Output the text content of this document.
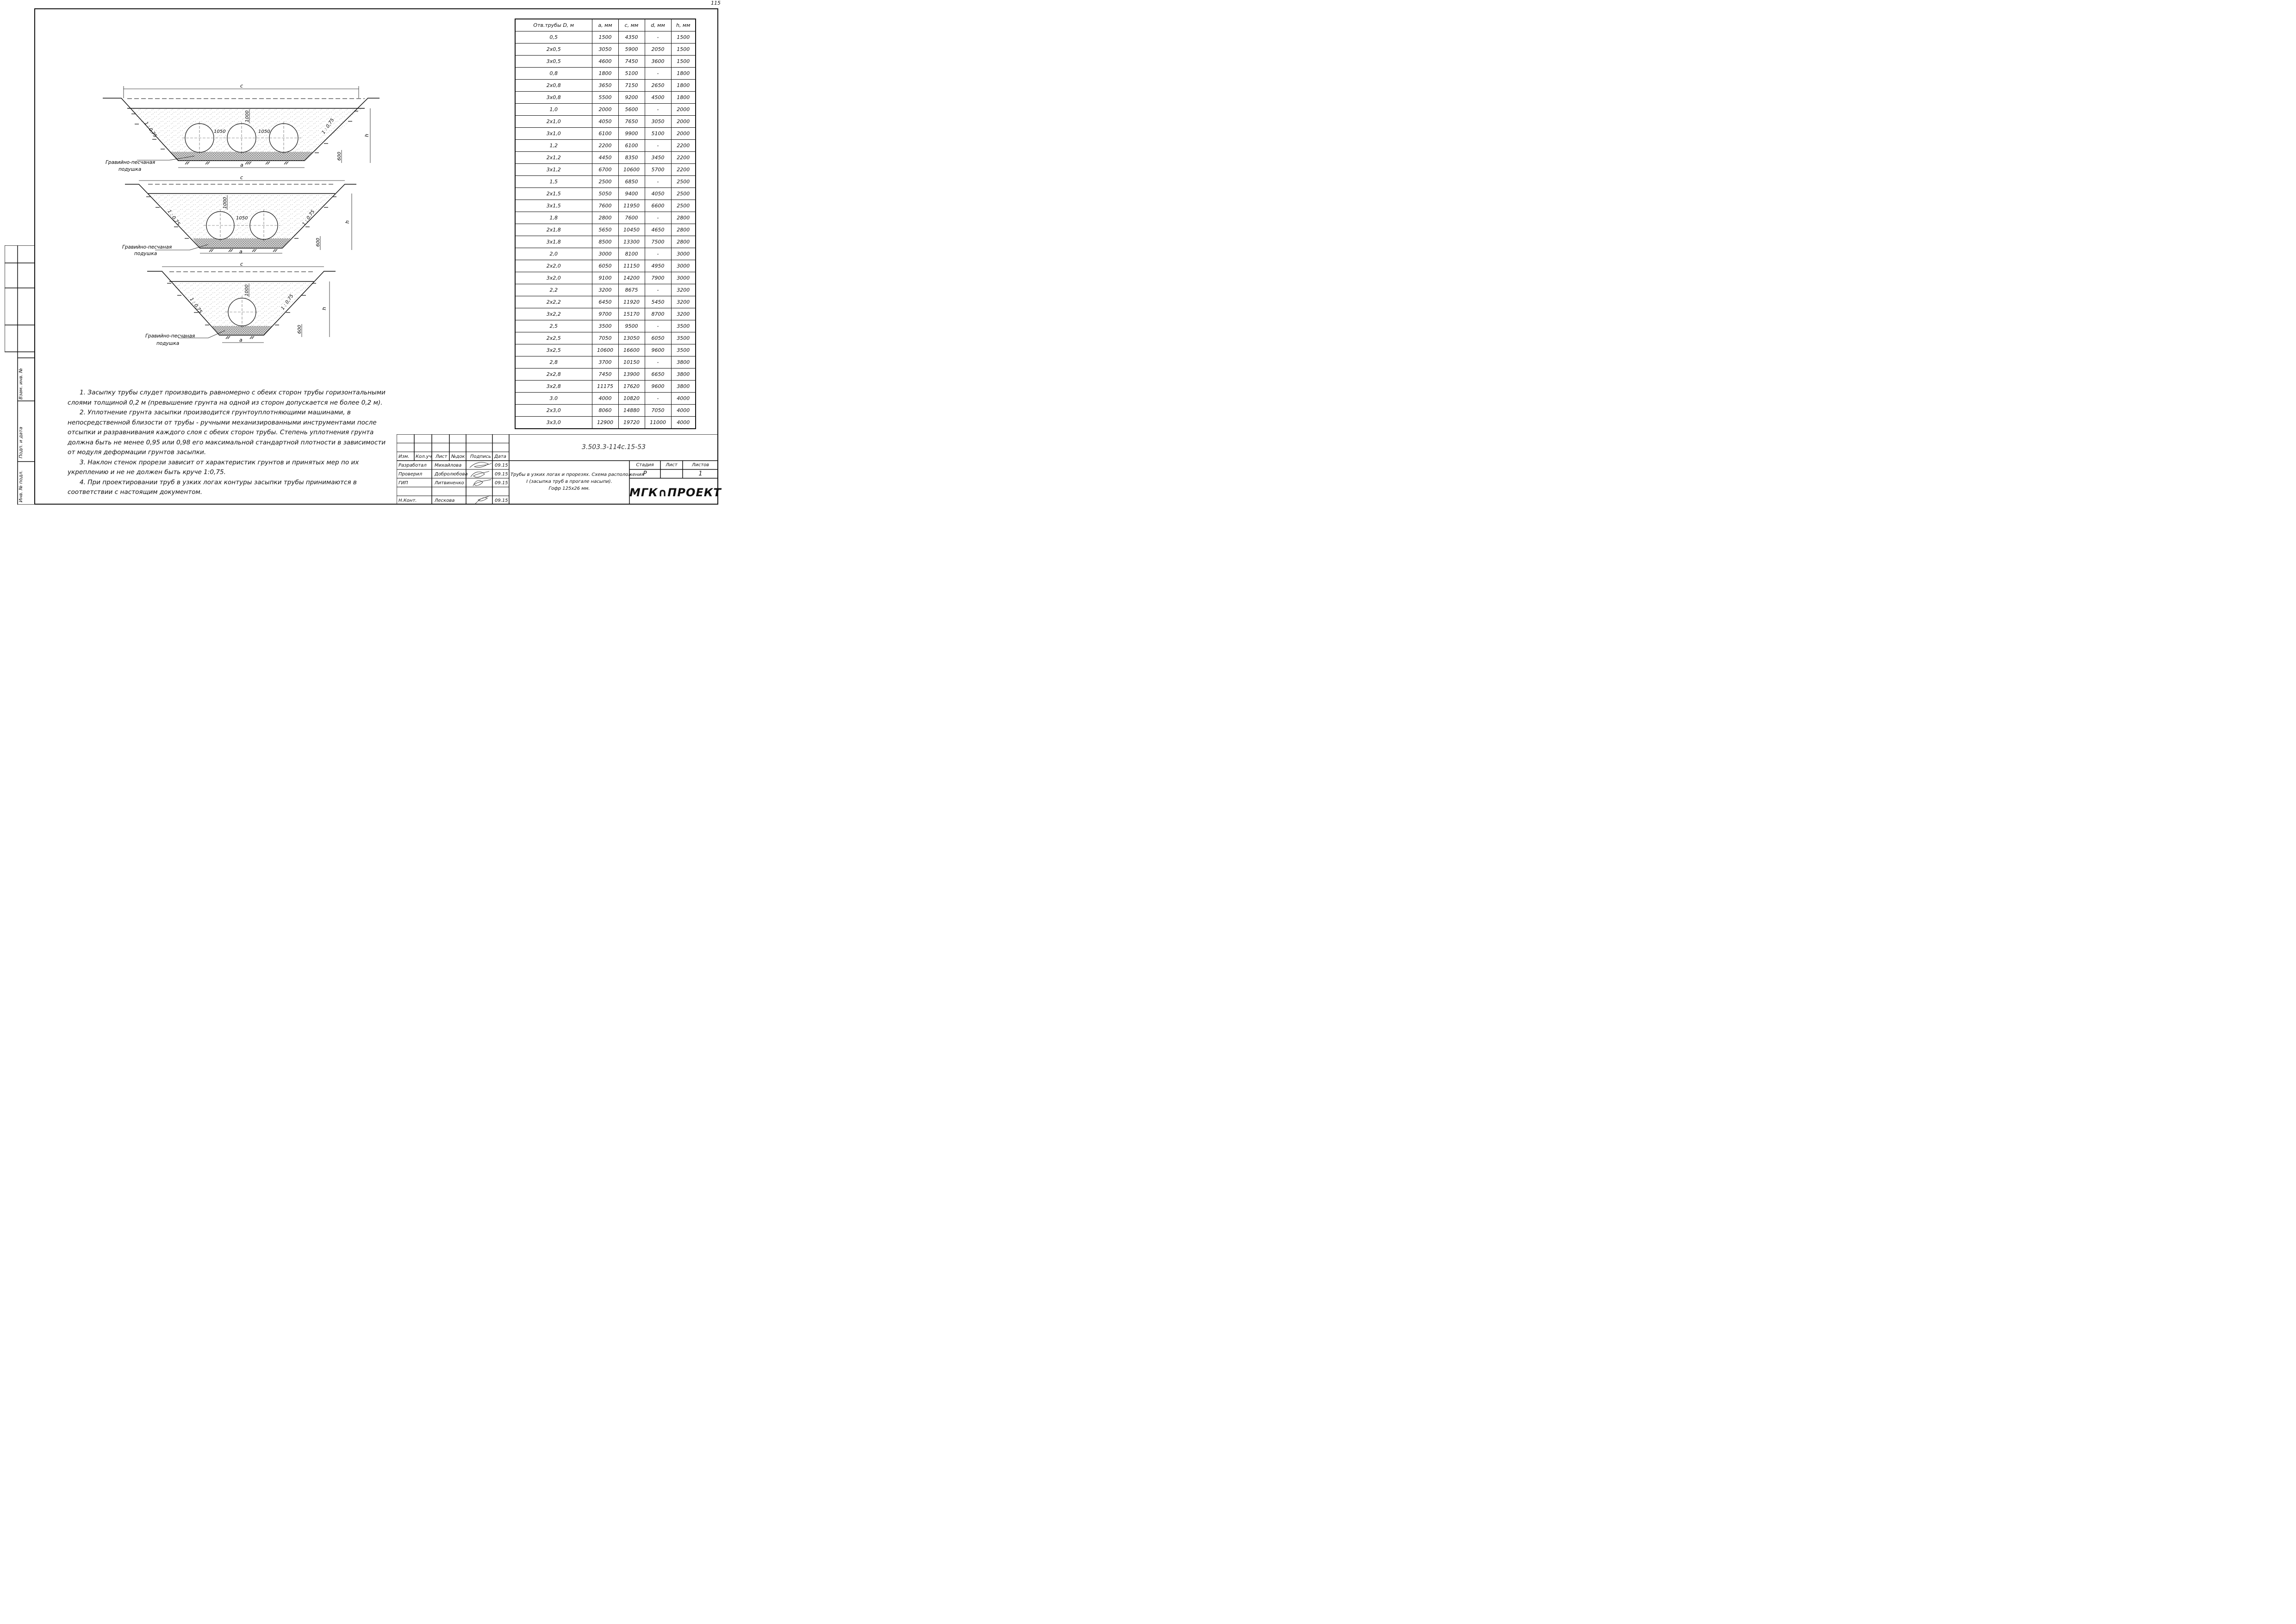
115
Взам. инв. №
Подп. и дата
Инв. № подл.
c
a
h
600
1000
1050	1050
1 : 0,75	1 : 0,75
Гравийно-песчаная
подушка
c
a
h
600
1000
1050
1 : 0,75	1 : 0,75
Гравийно-песчаная
подушка
c
a
h
600
1000
1 : 0,75	1 : 0,75
Гравийно-песчаная
подушка
Отв.трубы D, м	a, мм	c, мм	d, мм	h, мм
0,5	1500	4350	-	1500
2х0,5	3050	5900	2050	1500
3х0,5	4600	7450	3600	1500
0,8	1800	5100	-	1800
2х0,8	3650	7150	2650	1800
3х0,8	5500	9200	4500	1800
1,0	2000	5600	-	2000
2х1,0	4050	7650	3050	2000
3х1,0	6100	9900	5100	2000
1,2	2200	6100	-	2200
2х1,2	4450	8350	3450	2200
3х1,2	6700	10600	5700	2200
1,5	2500	6850	-	2500
2х1,5	5050	9400	4050	2500
3х1,5	7600	11950	6600	2500
1,8	2800	7600	-	2800
2х1,8	5650	10450	4650	2800
3х1,8	8500	13300	7500	2800
2,0	3000	8100	-	3000
2х2,0	6050	11150	4950	3000
3х2,0	9100	14200	7900	3000
2,2	3200	8675	-	3200
2х2,2	6450	11920	5450	3200
3х2,2	9700	15170	8700	3200
2,5	3500	9500	-	3500
2х2,5	7050	13050	6050	3500
3х2,5	10600	16600	9600	3500
2,8	3700	10150	-	3800
2х2,8	7450	13900	6650	3800
3х2,8	11175	17620	9600	3800
3.0	4000	10820	-	4000
2х3,0	8060	14880	7050	4000
3х3,0	12900	19720	11000	4000

1. Засыпку трубы слудет производить равномерно с обеих сторон трубы горизонтальными слоями толщиной 0,2 м (превышение грунта на одной из сторон допускается не более 0,2 м).

2. Уплотнение грунта засыпки производится грунтоуплотняющими машинами, в непосредственной близости от трубы - ручными механизированными инструментами после отсыпки и разравнивания каждого слоя с обеих сторон трубы. Степень уплотнения грунта должна быть не менее 0,95 или 0,98 его максимальной стандартной плотности в зависимости от модуля деформации грунтов засыпки.

3. Наклон стенок прорези зависит от характеристик грунтов и принятых мер по их укреплению и не не должен быть круче 1:0,75.

4. При проектировании труб в узких логах контуры засыпки трубы принимаются в соответствии с настоящим документом.

Изм. Кол.уч Лист №док Подпись Дата
Разработал Михайлова	09.15
Проверил	Добролюбова	09.15
ГИП	Литвиненко	09.15
Н.Конт.	Лескова	09.15
3.503.3-114с.15-53
Трубы в узких логах и прорезях. Схема расположения
I (засыпка труб в прогале насыпи).
Гофр 125х26 мм.
Стадия	Лист	Листов
Р	1
МГК∩ПРОЕКТ
